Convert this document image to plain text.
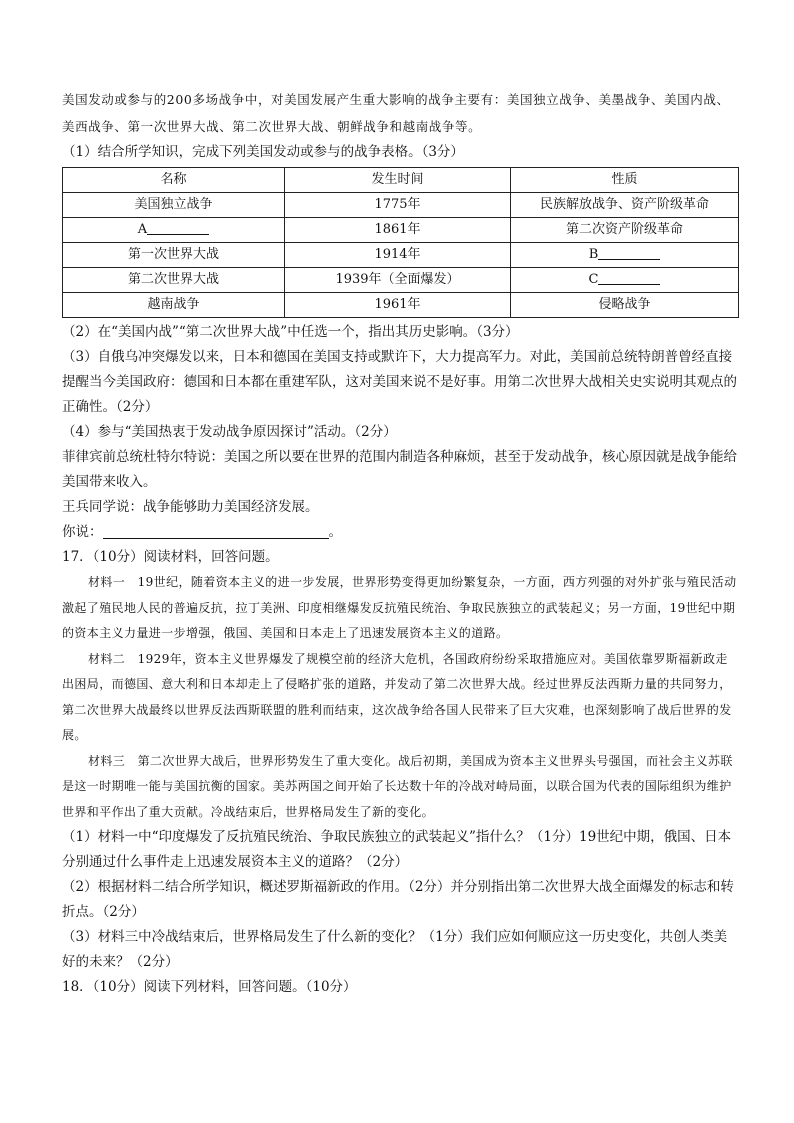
美国发动或参与的200多场战争中，对美国发展产生重大影响的战争主要有：美国独立战争、美墨战争、美国内战、美西战争、第一次世界大战、第二次世界大战、朝鲜战争和越南战争等。

（1）结合所学知识，完成下列美国发动或参与的战争表格。（3分）

名称	发生时间	性质
美国独立战争	1775年	民族解放战争、资产阶级革命
A	1861年	第二次资产阶级革命
第一次世界大战	1914年	B
第二次世界大战	1939年（全面爆发）	C
越南战争	1961年	侵略战争

（2）在“美国内战”“第二次世界大战”中任选一个，指出其历史影响。（3分）

（3）自俄乌冲突爆发以来，日本和德国在美国支持或默许下，大力提高军力。对此，美国前总统特朗普曾经直接提醒当今美国政府：德国和日本都在重建军队，这对美国来说不是好事。用第二次世界大战相关史实说明其观点的正确性。（2分）

（4）参与“美国热衷于发动战争原因探讨”活动。（2分）

菲律宾前总统杜特尔特说：美国之所以要在世界的范围内制造各种麻烦，甚至于发动战争，核心原因就是战争能给美国带来收入。

王兵同学说：战争能够助力美国经济发展。

你说：	。

17．（10分）阅读材料，回答问题。

材料一　19世纪，随着资本主义的进一步发展，世界形势变得更加纷繁复杂，一方面，西方列强的对外扩张与殖民活动激起了殖民地人民的普遍反抗，拉丁美洲、印度相继爆发反抗殖民统治、争取民族独立的武装起义；另一方面，19世纪中期的资本主义力量进一步增强，俄国、美国和日本走上了迅速发展资本主义的道路。

材料二　1929年，资本主义世界爆发了规模空前的经济大危机，各国政府纷纷采取措施应对。美国依靠罗斯福新政走出困局，而德国、意大利和日本却走上了侵略扩张的道路，并发动了第二次世界大战。经过世界反法西斯力量的共同努力，第二次世界大战最终以世界反法西斯联盟的胜利而结束，这次战争给各国人民带来了巨大灾难，也深刻影响了战后世界的发展。

材料三　第二次世界大战后，世界形势发生了重大变化。战后初期，美国成为资本主义世界头号强国，而社会主义苏联是这一时期唯一能与美国抗衡的国家。美苏两国之间开始了长达数十年的冷战对峙局面，以联合国为代表的国际组织为维护世界和平作出了重大贡献。冷战结束后，世界格局发生了新的变化。

（1）材料一中“印度爆发了反抗殖民统治、争取民族独立的武装起义”指什么？（1分）19世纪中期，俄国、日本分别通过什么事件走上迅速发展资本主义的道路？（2分）

（2）根据材料二结合所学知识，概述罗斯福新政的作用。（2分）并分别指出第二次世界大战全面爆发的标志和转折点。（2分）

（3）材料三中冷战结束后，世界格局发生了什么新的变化？（1分）我们应如何顺应这一历史变化，共创人类美好的未来？（2分）

18．（10分）阅读下列材料，回答问题。（10分）
